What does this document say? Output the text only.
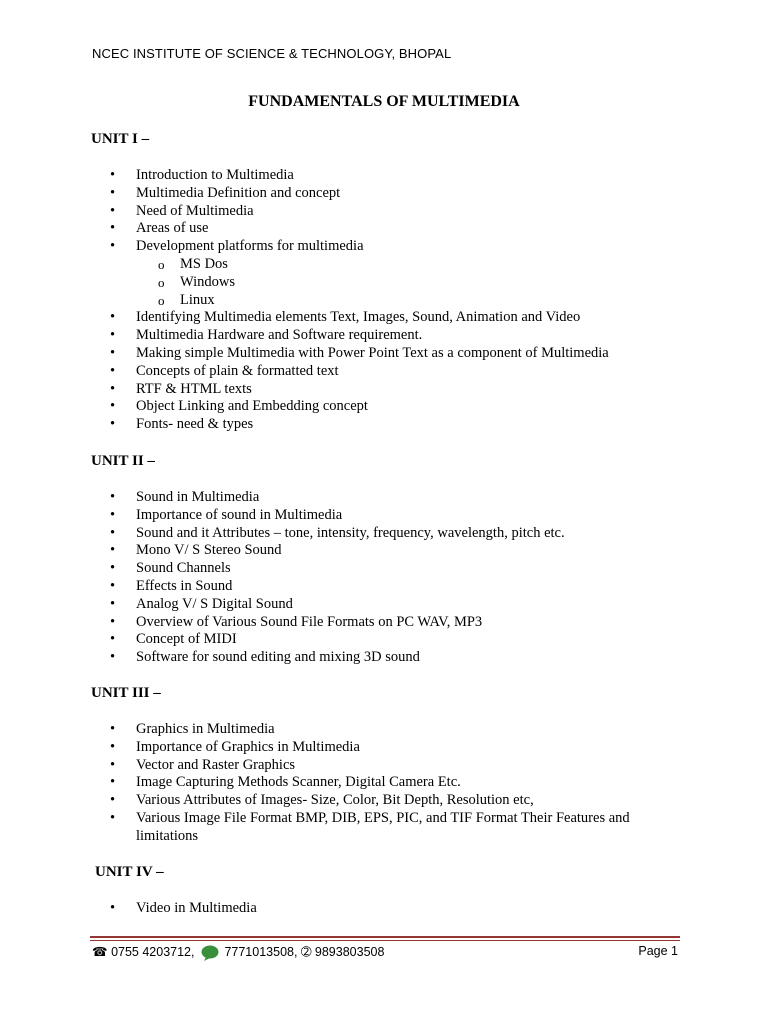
NCEC INSTITUTE OF SCIENCE & TECHNOLOGY, BHOPAL
FUNDAMENTALS OF MULTIMEDIA
UNIT I –
• Introduction to Multimedia
• Multimedia Definition and concept
• Need of Multimedia
• Areas of use
• Development platforms for multimedia
o MS Dos
o Windows
o Linux
• Identifying Multimedia elements Text, Images, Sound, Animation and Video
• Multimedia Hardware and Software requirement.
• Making simple Multimedia with Power Point Text as a component of Multimedia
• Concepts of plain & formatted text
• RTF & HTML texts
• Object Linking and Embedding concept
• Fonts- need & types
UNIT II –
• Sound in Multimedia
• Importance of sound in Multimedia
• Sound and it Attributes – tone, intensity, frequency, wavelength, pitch etc.
• Mono V/ S Stereo Sound
• Sound Channels
• Effects in Sound
• Analog V/ S Digital Sound
• Overview of Various Sound File Formats on PC WAV, MP3
• Concept of MIDI
• Software for sound editing and mixing 3D sound
UNIT III –
• Graphics in Multimedia
• Importance of Graphics in Multimedia
• Vector and Raster Graphics
• Image Capturing Methods Scanner, Digital Camera Etc.
• Various Attributes of Images- Size, Color, Bit Depth, Resolution etc,
• Various Image File Format BMP, DIB, EPS, PIC, and TIF Format Their Features and limitations
UNIT IV –
• Video in Multimedia
☎ 0755 4203712, 7771013508, ➁ 9893803508	Page 1
